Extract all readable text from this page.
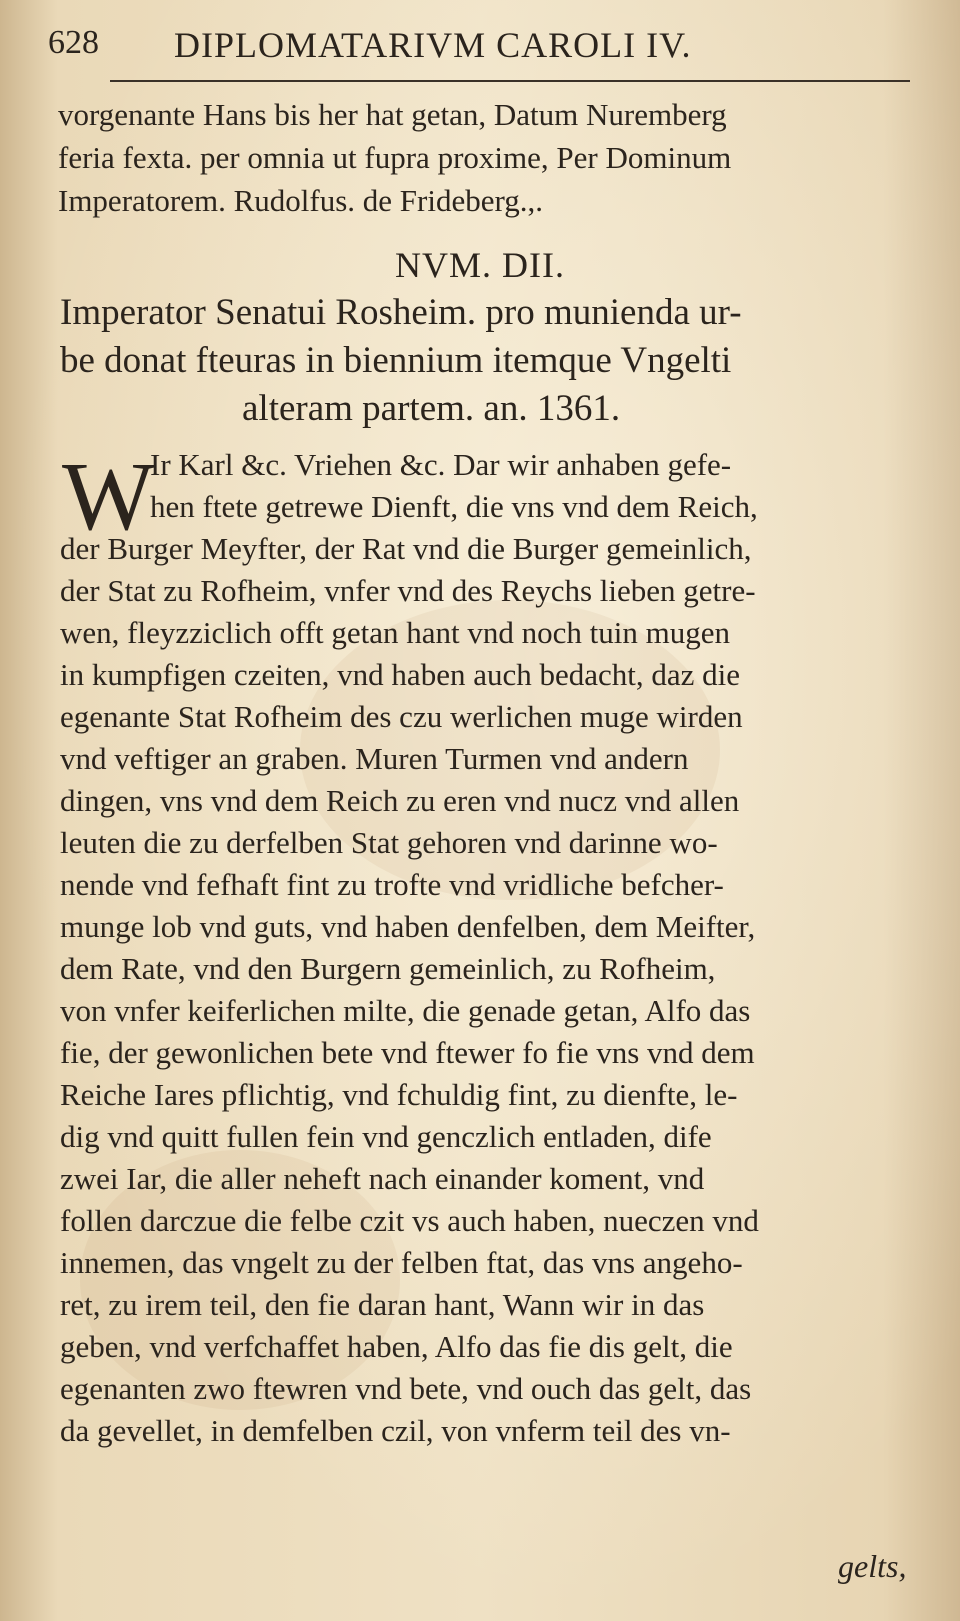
628 DIPLOMATARIVM CAROLI IV.
vorgenante Hans bis her hat getan, Datum Nuremberg
feria fexta. per omnia ut fupra proxime, Per Dominum
Imperatorem. Rudolfus. de Frideberg.,.
NVM. DII.
Imperator Senatui Rosheim. pro munienda ur-
be donat fteuras in biennium itemque Vngelti
alteram partem. an. 1361.
W
Ir Karl &c. Vriehen &c. Dar wir anhaben gefe-
hen ftete getrewe Dienft, die vns vnd dem Reich,
der Burger Meyfter, der Rat vnd die Burger gemeinlich,
der Stat zu Rofheim, vnfer vnd des Reychs lieben getre-
wen, fleyzziclich offt getan hant vnd noch tuin mugen
in kumpfigen czeiten, vnd haben auch bedacht, daz die
egenante Stat Rofheim des czu werlichen muge wirden
vnd veftiger an graben. Muren Turmen vnd andern
dingen, vns vnd dem Reich zu eren vnd nucz vnd allen
leuten die zu derfelben Stat gehoren vnd darinne wo-
nende vnd fefhaft fint zu trofte vnd vridliche befcher-
munge lob vnd guts, vnd haben denfelben, dem Meifter,
dem Rate, vnd den Burgern gemeinlich, zu Rofheim,
von vnfer keiferlichen milte, die genade getan, Alfo das
fie, der gewonlichen bete vnd ftewer fo fie vns vnd dem
Reiche Iares pflichtig, vnd fchuldig fint, zu dienfte, le-
dig vnd quitt fullen fein vnd genczlich entladen, dife
zwei Iar, die aller neheft nach einander koment, vnd
follen darczue die felbe czit vs auch haben, nueczen vnd
innemen, das vngelt zu der felben ftat, das vns angeho-
ret, zu irem teil, den fie daran hant, Wann wir in das
geben, vnd verfchaffet haben, Alfo das fie dis gelt, die
egenanten zwo ftewren vnd bete, vnd ouch das gelt, das
da gevellet, in demfelben czil, von vnferm teil des vn-
gelts,
